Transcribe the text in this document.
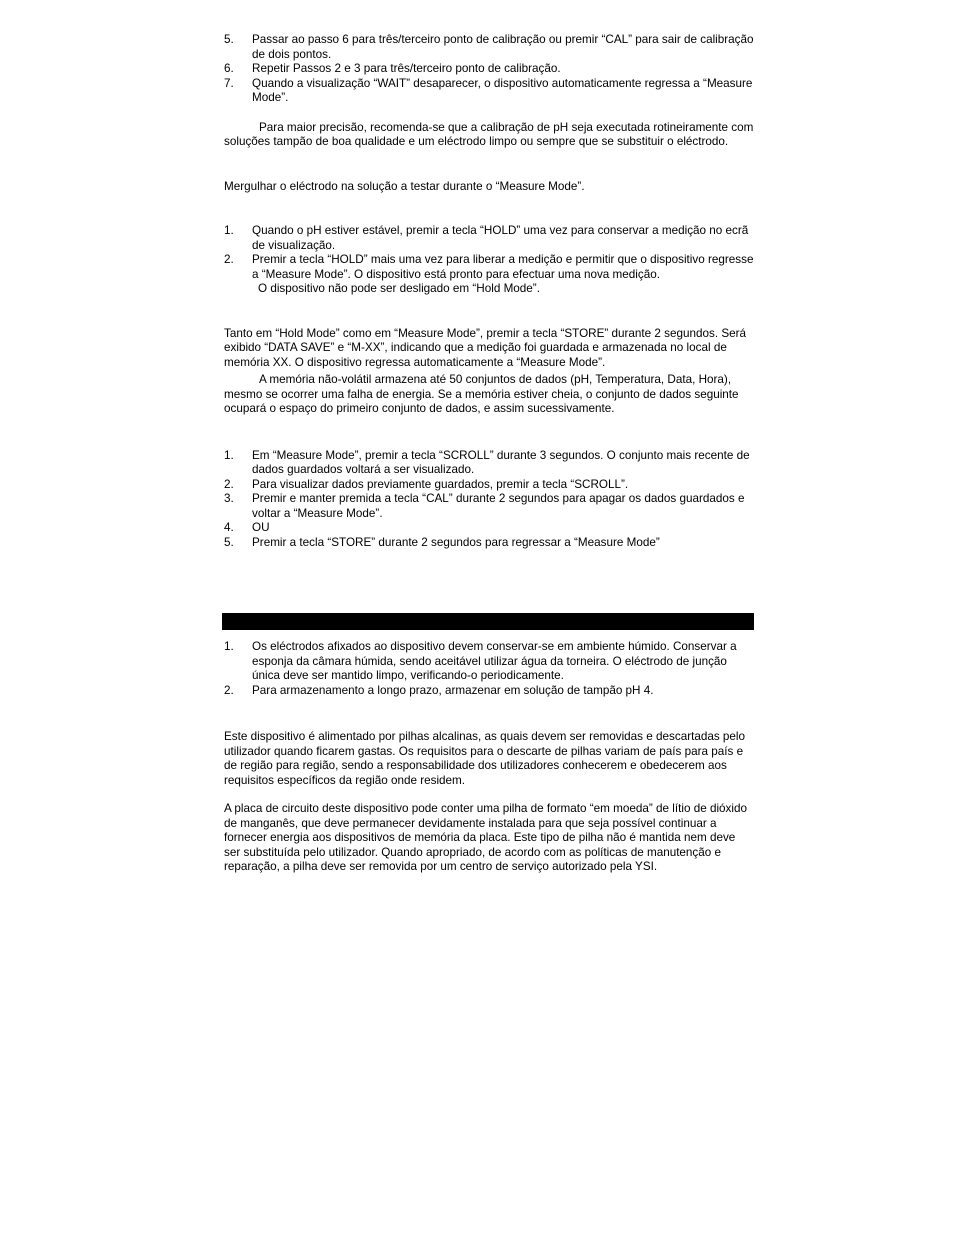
5.	Passar ao passo 6 para três/terceiro ponto de calibração ou premir “CAL” para sair de calibração de dois pontos.
6.	Repetir Passos 2 e 3 para três/terceiro ponto de calibração.
7.	Quando a visualização “WAIT” desaparecer, o dispositivo automaticamente regressa a “Measure Mode”.

Para maior precisão, recomenda-se que a calibração de pH seja executada rotineiramente com soluções tampão de boa qualidade e um eléctrodo limpo ou sempre que se substituir o eléctrodo.

Mergulhar o eléctrodo na solução a testar durante o “Measure Mode”.

1.	Quando o pH estiver estável, premir a tecla “HOLD” uma vez para conservar a medição no ecrã de visualização.
2.	Premir a tecla “HOLD” mais uma vez para liberar a medição e permitir que o dispositivo regresse a “Measure Mode”. O dispositivo está pronto para efectuar uma nova medição.

O dispositivo não pode ser desligado em “Hold Mode”.

Tanto em “Hold Mode” como em “Measure Mode”, premir a tecla “STORE” durante 2 segundos. Será exibido “DATA SAVE” e “M-XX”, indicando que a medição foi guardada e armazenada no local de memória XX. O dispositivo regressa automaticamente a “Measure Mode”.

A memória não-volátil armazena até 50 conjuntos de dados (pH, Temperatura, Data, Hora), mesmo se ocorrer uma falha de energia. Se a memória estiver cheia, o conjunto de dados seguinte ocupará o espaço do primeiro conjunto de dados, e assim sucessivamente.

1.	Em “Measure Mode”, premir a tecla “SCROLL” durante 3 segundos. O conjunto mais recente de dados guardados voltará a ser visualizado.
2.	Para visualizar dados previamente guardados, premir a tecla “SCROLL”.
3.	Premir e manter premida a tecla “CAL” durante 2 segundos para apagar os dados guardados e voltar a “Measure Mode”.
4.	OU
5.	Premir a tecla “STORE” durante 2 segundos para regressar a “Measure Mode”
1.	Os eléctrodos afixados ao dispositivo devem conservar-se em ambiente húmido. Conservar a esponja da câmara húmida, sendo aceitável utilizar água da torneira. O eléctrodo de junção única deve ser mantido limpo, verificando-o periodicamente.
2.	Para armazenamento a longo prazo, armazenar em solução de tampão pH 4.

Este dispositivo é alimentado por pilhas alcalinas, as quais devem ser removidas e descartadas pelo utilizador quando ficarem gastas. Os requisitos para o descarte de pilhas variam de país para país e de região para região, sendo a responsabilidade dos utilizadores conhecerem e obedecerem aos requisitos específicos da região onde residem.

A placa de circuito deste dispositivo pode conter uma pilha de formato “em moeda” de lítio de dióxido de manganês, que deve permanecer devidamente instalada para que seja possível continuar a fornecer energia aos dispositivos de memória da placa. Este tipo de pilha não é mantida nem deve ser substituída pelo utilizador. Quando apropriado, de acordo com as políticas de manutenção e reparação, a pilha deve ser removida por um centro de serviço autorizado pela YSI.
